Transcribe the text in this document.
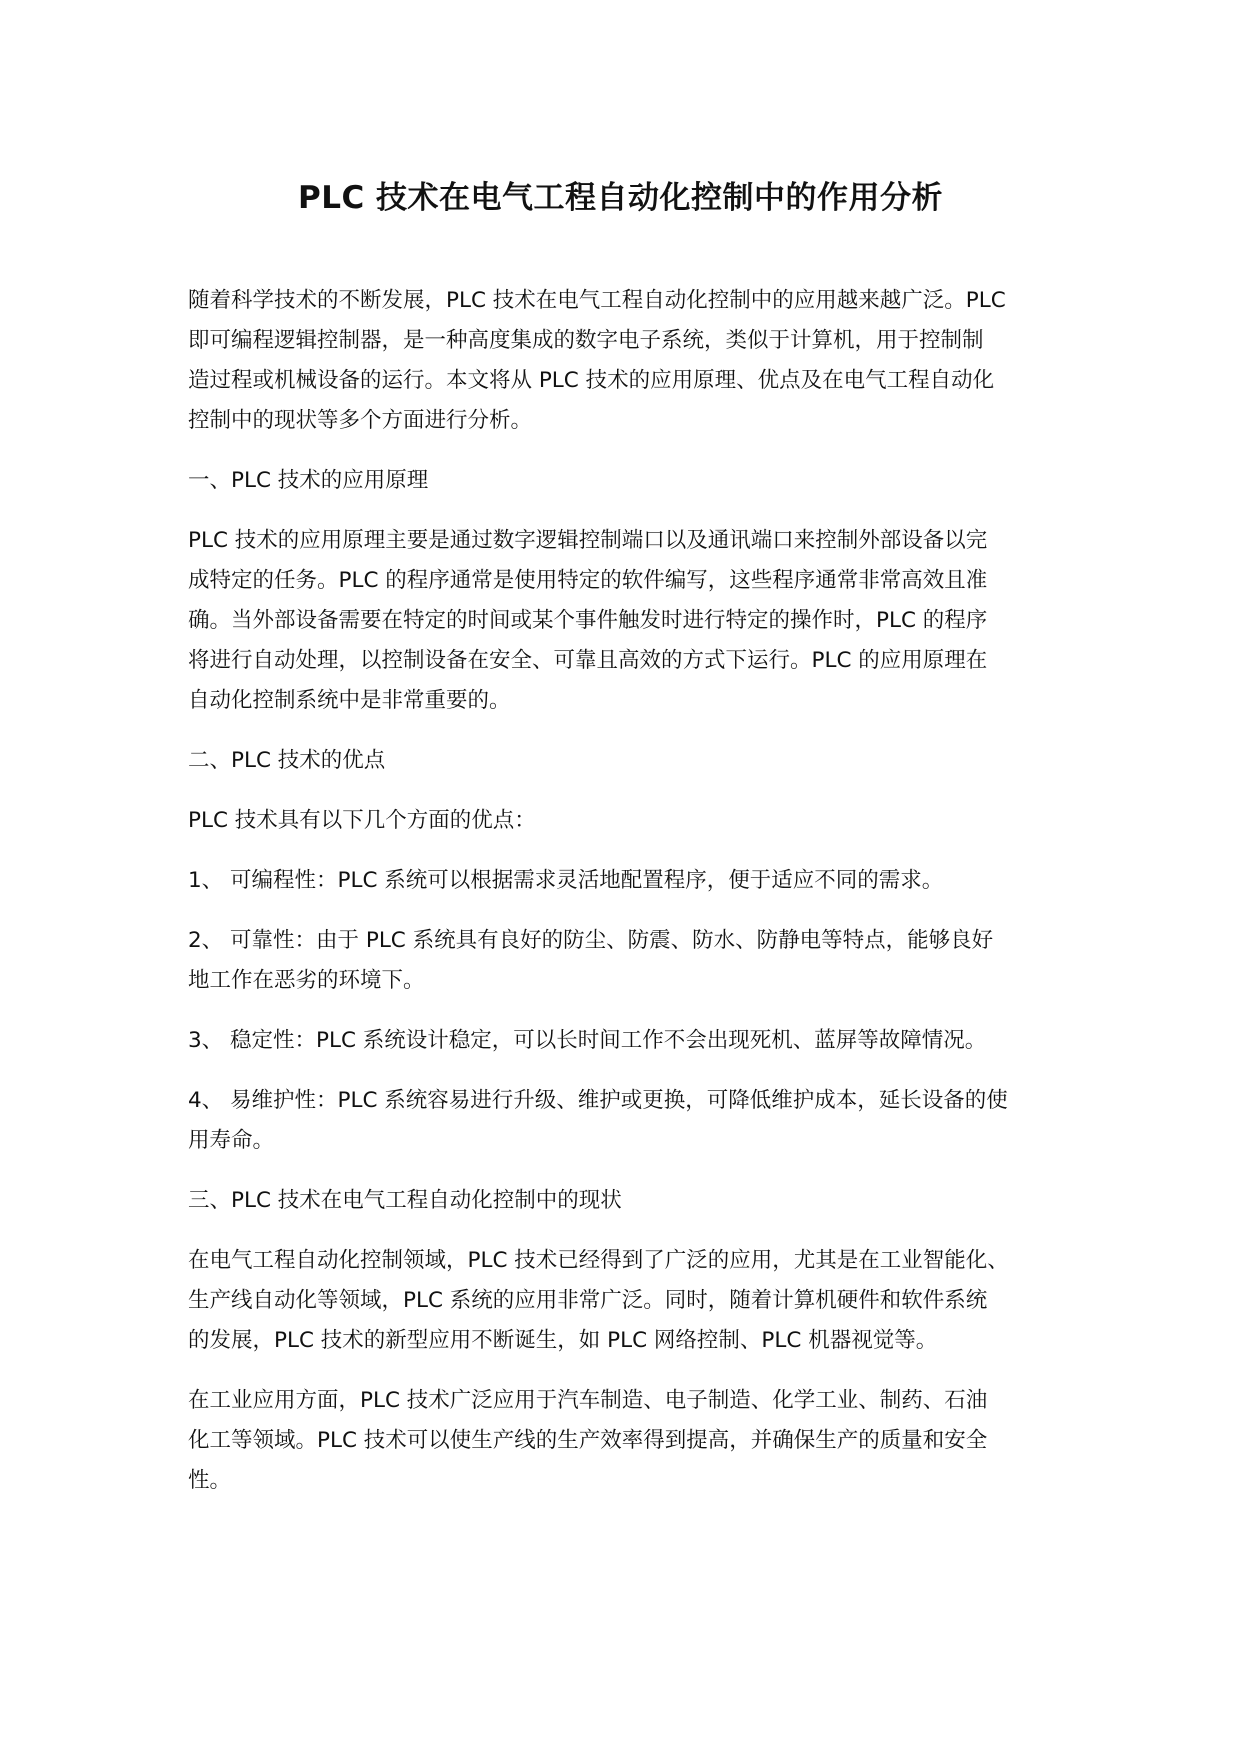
PLC 技术在电气工程自动化控制中的作用分析

随着科学技术的不断发展，PLC 技术在电气工程自动化控制中的应用越来越广泛。PLC
即可编程逻辑控制器，是一种高度集成的数字电子系统，类似于计算机，用于控制制
造过程或机械设备的运行。本文将从 PLC 技术的应用原理、优点及在电气工程自动化
控制中的现状等多个方面进行分析。

一、PLC 技术的应用原理

PLC 技术的应用原理主要是通过数字逻辑控制端口以及通讯端口来控制外部设备以完
成特定的任务。PLC 的程序通常是使用特定的软件编写，这些程序通常非常高效且准
确。当外部设备需要在特定的时间或某个事件触发时进行特定的操作时，PLC 的程序
将进行自动处理，以控制设备在安全、可靠且高效的方式下运行。PLC 的应用原理在
自动化控制系统中是非常重要的。

二、PLC 技术的优点

PLC 技术具有以下几个方面的优点：

1、 可编程性：PLC 系统可以根据需求灵活地配置程序，便于适应不同的需求。

2、 可靠性：由于 PLC 系统具有良好的防尘、防震、防水、防静电等特点，能够良好
地工作在恶劣的环境下。

3、 稳定性：PLC 系统设计稳定，可以长时间工作不会出现死机、蓝屏等故障情况。

4、 易维护性：PLC 系统容易进行升级、维护或更换，可降低维护成本，延长设备的使
用寿命。

三、PLC 技术在电气工程自动化控制中的现状

在电气工程自动化控制领域，PLC 技术已经得到了广泛的应用，尤其是在工业智能化、
生产线自动化等领域，PLC 系统的应用非常广泛。同时，随着计算机硬件和软件系统
的发展，PLC 技术的新型应用不断诞生，如 PLC 网络控制、PLC 机器视觉等。

在工业应用方面，PLC 技术广泛应用于汽车制造、电子制造、化学工业、制药、石油
化工等领域。PLC 技术可以使生产线的生产效率得到提高，并确保生产的质量和安全
性。
